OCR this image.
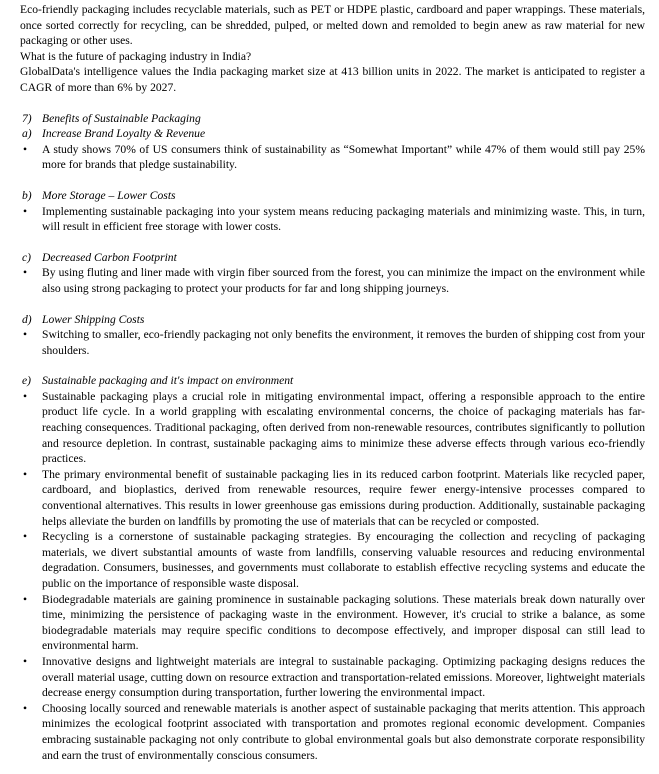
Eco-friendly packaging includes recyclable materials, such as PET or HDPE plastic, cardboard and paper wrappings. These materials, once sorted correctly for recycling, can be shredded, pulped, or melted down and remolded to begin anew as raw material for new packaging or other uses.

What is the future of packaging industry in India?

GlobalData's intelligence values the India packaging market size at 413 billion units in 2022. The market is anticipated to register a CAGR of more than 6% by 2027.

7) Benefits of Sustainable Packaging

a) Increase Brand Loyalty & Revenue

• A study shows 70% of US consumers think of sustainability as “Somewhat Important” while 47% of them would still pay 25% more for brands that pledge sustainability.

b) More Storage – Lower Costs

• Implementing sustainable packaging into your system means reducing packaging materials and minimizing waste. This, in turn, will result in efficient free storage with lower costs.

c) Decreased Carbon Footprint

• By using fluting and liner made with virgin fiber sourced from the forest, you can minimize the impact on the environment while also using strong packaging to protect your products for far and long shipping journeys.

d) Lower Shipping Costs

• Switching to smaller, eco-friendly packaging not only benefits the environment, it removes the burden of shipping cost from your shoulders.

e) Sustainable packaging and it's impact on environment

• Sustainable packaging plays a crucial role in mitigating environmental impact, offering a responsible approach to the entire product life cycle. In a world grappling with escalating environmental concerns, the choice of packaging materials has far-reaching consequences. Traditional packaging, often derived from non-renewable resources, contributes significantly to pollution and resource depletion. In contrast, sustainable packaging aims to minimize these adverse effects through various eco-friendly practices.
• The primary environmental benefit of sustainable packaging lies in its reduced carbon footprint. Materials like recycled paper, cardboard, and bioplastics, derived from renewable resources, require fewer energy-intensive processes compared to conventional alternatives. This results in lower greenhouse gas emissions during production. Additionally, sustainable packaging helps alleviate the burden on landfills by promoting the use of materials that can be recycled or composted.
• Recycling is a cornerstone of sustainable packaging strategies. By encouraging the collection and recycling of packaging materials, we divert substantial amounts of waste from landfills, conserving valuable resources and reducing environmental degradation. Consumers, businesses, and governments must collaborate to establish effective recycling systems and educate the public on the importance of responsible waste disposal.
• Biodegradable materials are gaining prominence in sustainable packaging solutions. These materials break down naturally over time, minimizing the persistence of packaging waste in the environment. However, it's crucial to strike a balance, as some biodegradable materials may require specific conditions to decompose effectively, and improper disposal can still lead to environmental harm.
• Innovative designs and lightweight materials are integral to sustainable packaging. Optimizing packaging designs reduces the overall material usage, cutting down on resource extraction and transportation-related emissions. Moreover, lightweight materials decrease energy consumption during transportation, further lowering the environmental impact.
• Choosing locally sourced and renewable materials is another aspect of sustainable packaging that merits attention. This approach minimizes the ecological footprint associated with transportation and promotes regional economic development. Companies embracing sustainable packaging not only contribute to global environmental goals but also demonstrate corporate responsibility and earn the trust of environmentally conscious consumers.
